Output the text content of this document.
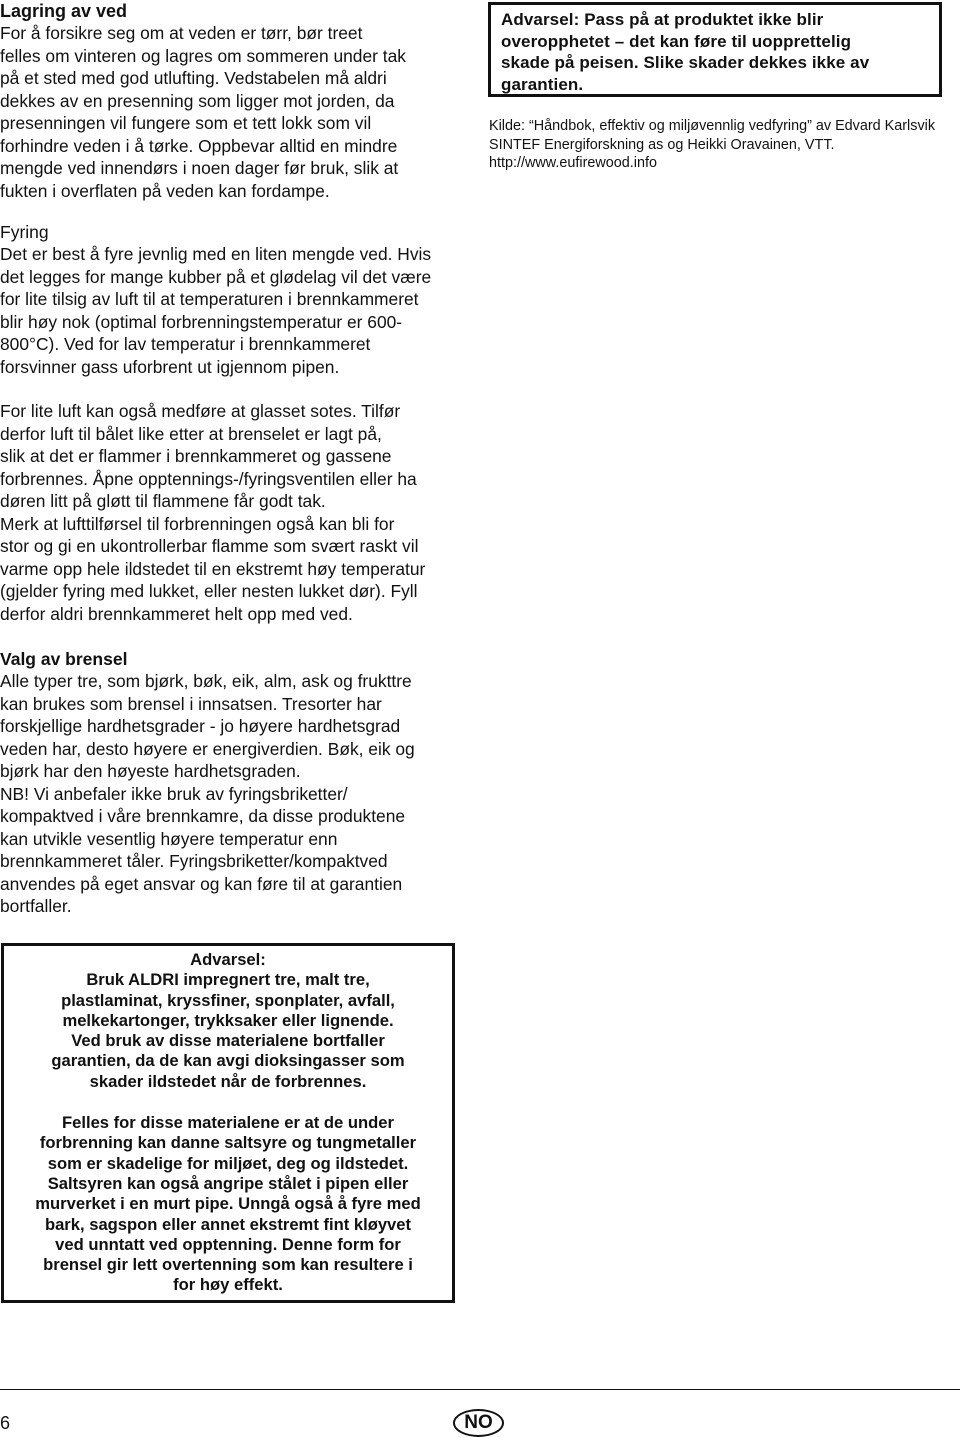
Lagring av ved

For å forsikre seg om at veden er tørr, bør treet

felles om vinteren og lagres om sommeren under tak

på et sted med god utlufting. Vedstabelen må aldri

dekkes av en presenning som ligger mot jorden, da

presenningen vil fungere som et tett lokk som vil

forhindre veden i å tørke. Oppbevar alltid en mindre

mengde ved innendørs i noen dager før bruk, slik at

fukten i overflaten på veden kan fordampe.

Fyring

Det er best å fyre jevnlig med en liten mengde ved. Hvis

det legges for mange kubber på et glødelag vil det være

for lite tilsig av luft til at temperaturen i brennkammeret

blir høy nok (optimal forbrenningstemperatur er 600-

800°C). Ved for lav temperatur i brennkammeret

forsvinner gass uforbrent ut igjennom pipen.

For lite luft kan også medføre at glasset sotes. Tilfør

derfor luft til bålet like etter at brenselet er lagt på,

slik at det er flammer i brennkammeret og gassene

forbrennes. Åpne opptennings-/fyringsventilen eller ha

døren litt på gløtt til flammene får godt tak.

Merk at lufttilførsel til forbrenningen også kan bli for

stor og gi en ukontrollerbar flamme som svært raskt vil

varme opp hele ildstedet til en ekstremt høy temperatur

(gjelder fyring med lukket, eller nesten lukket dør). Fyll

derfor aldri brennkammeret helt opp med ved.

Valg av brensel

Alle typer tre, som bjørk, bøk, eik, alm, ask og frukttre

kan brukes som brensel i innsatsen. Tresorter har

forskjellige hardhetsgrader - jo høyere hardhetsgrad

veden har, desto høyere er energiverdien. Bøk, eik og

bjørk har den høyeste hardhetsgraden.

NB! Vi anbefaler ikke bruk av fyringsbriketter/

kompaktved i våre brennkamre, da disse produktene

kan utvikle vesentlig høyere temperatur enn

brennkammeret tåler. Fyringsbriketter/kompaktved

anvendes på eget ansvar og kan føre til at garantien

bortfaller.

Advarsel: Pass på at produktet ikke blir

overopphetet – det kan føre til uopprettelig

skade på peisen. Slike skader dekkes ikke av

garantien.

Kilde: “Håndbok, effektiv og miljøvennlig vedfyring” av Edvard Karlsvik

SINTEF Energiforskning as og Heikki Oravainen, VTT.

http://www.eufirewood.info

Advarsel:

Bruk ALDRI impregnert tre, malt tre,

plastlaminat, kryssfiner, sponplater, avfall,

melkekartonger, trykksaker eller lignende.

Ved bruk av disse materialene bortfaller

garantien, da de kan avgi dioksingasser som

skader ildstedet når de forbrennes.

Felles for disse materialene er at de under

forbrenning kan danne saltsyre og tungmetaller

som er skadelige for miljøet, deg og ildstedet.

Saltsyren kan også angripe stålet i pipen eller

murverket i en murt pipe. Unngå også å fyre med

bark, sagspon eller annet ekstremt fint kløyvet

ved unntatt ved opptenning. Denne form for

brensel gir lett overtenning som kan resultere i

for høy effekt.

6	NO
